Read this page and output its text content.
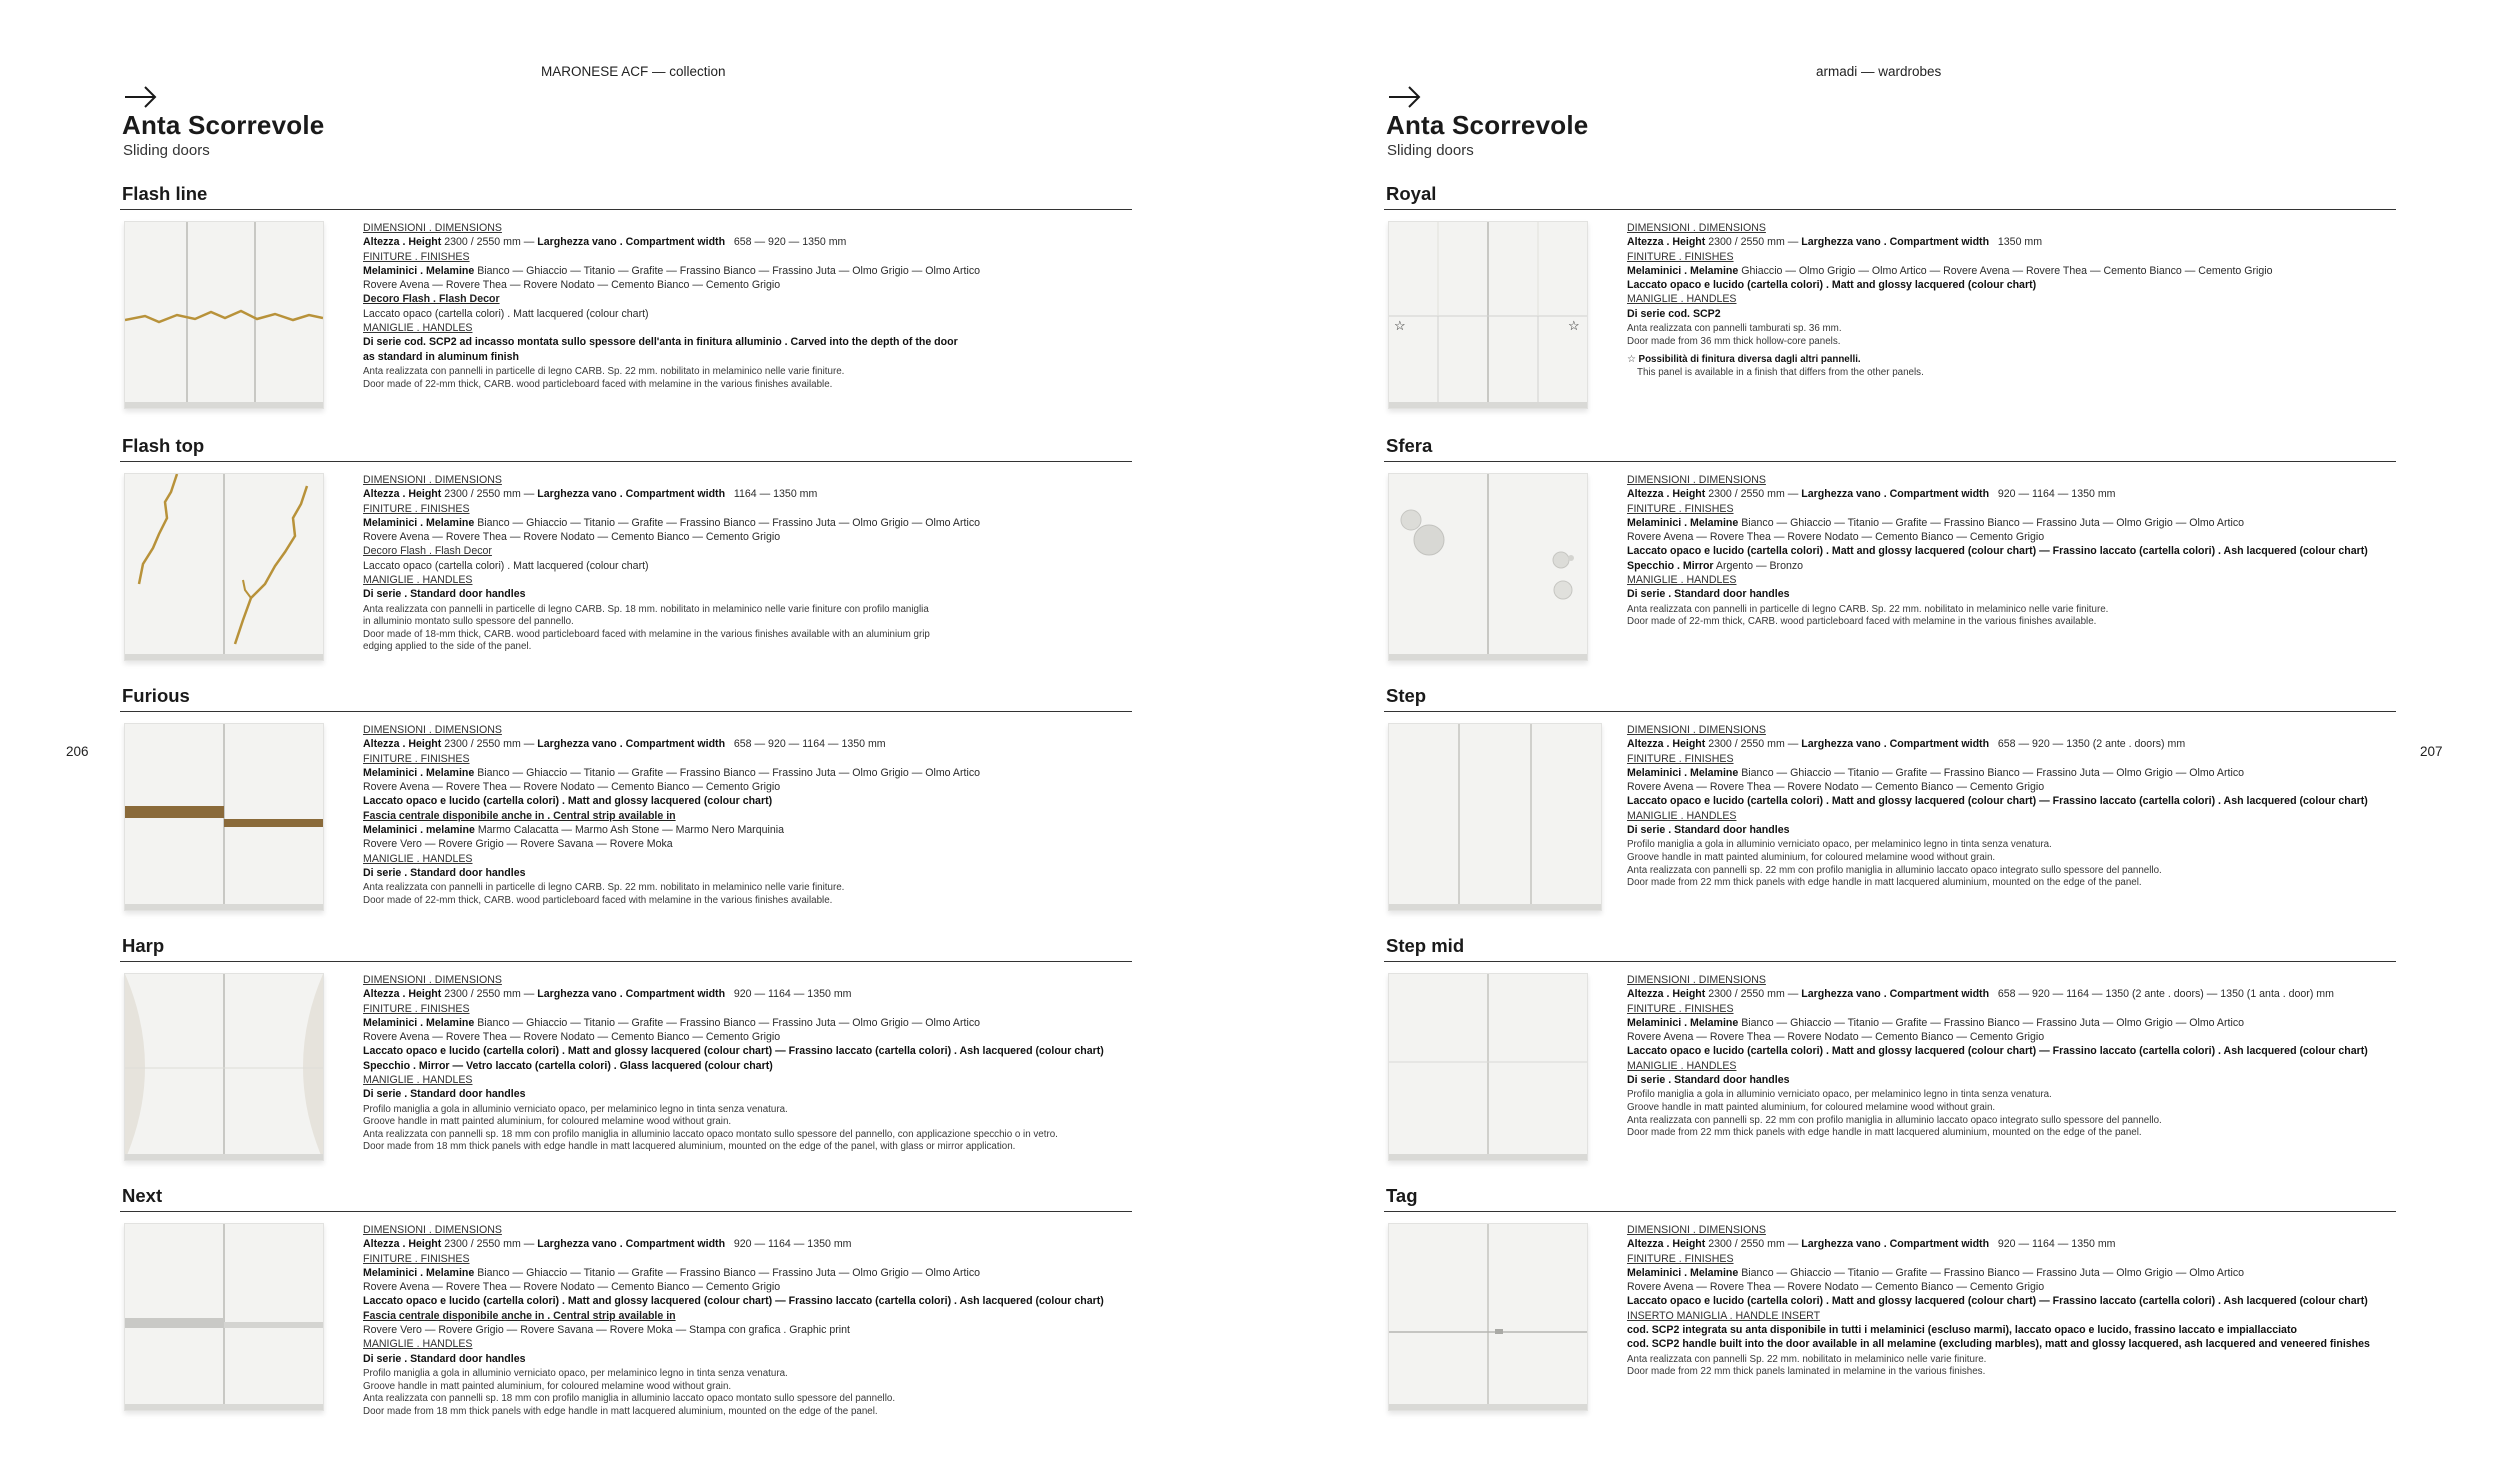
MARONESE ACF — collection
206
Anta Scorrevole
Sliding doors
Flash line
DIMENSIONI . DIMENSIONS
Altezza . Height 2300 / 2550 mm — Larghezza vano . Compartment width 658 — 920 — 1350 mm
FINITURE . FINISHES
Melaminici . Melamine Bianco — Ghiaccio — Titanio — Grafite — Frassino Bianco — Frassino Juta — Olmo Grigio — Olmo Artico
Rovere Avena — Rovere Thea — Rovere Nodato — Cemento Bianco — Cemento Grigio
Decoro Flash . Flash Decor
Laccato opaco (cartella colori) . Matt lacquered (colour chart)
MANIGLIE . HANDLES
Di serie cod. SCP2 ad incasso montata sullo spessore dell'anta in finitura alluminio . Carved into the depth of the door
as standard in aluminum finish
Anta realizzata con pannelli in particelle di legno CARB. Sp. 22 mm. nobilitato in melaminico nelle varie finiture.
Door made of 22-mm thick, CARB. wood particleboard faced with melamine in the various finishes available.
Flash top
DIMENSIONI . DIMENSIONS
Altezza . Height 2300 / 2550 mm — Larghezza vano . Compartment width 1164 — 1350 mm
FINITURE . FINISHES
Melaminici . Melamine Bianco — Ghiaccio — Titanio — Grafite — Frassino Bianco — Frassino Juta — Olmo Grigio — Olmo Artico
Rovere Avena — Rovere Thea — Rovere Nodato — Cemento Bianco — Cemento Grigio
Decoro Flash . Flash Decor
Laccato opaco (cartella colori) . Matt lacquered (colour chart)
MANIGLIE . HANDLES
Di serie . Standard door handles
Anta realizzata con pannelli in particelle di legno CARB. Sp. 18 mm. nobilitato in melaminico nelle varie finiture con profilo maniglia
in alluminio montato sullo spessore del pannello.
Door made of 18-mm thick, CARB. wood particleboard faced with melamine in the various finishes available with an aluminium grip
edging applied to the side of the panel.
Furious
DIMENSIONI . DIMENSIONS
Altezza . Height 2300 / 2550 mm — Larghezza vano . Compartment width 658 — 920 — 1164 — 1350 mm
FINITURE . FINISHES
Melaminici . Melamine Bianco — Ghiaccio — Titanio — Grafite — Frassino Bianco — Frassino Juta — Olmo Grigio — Olmo Artico
Rovere Avena — Rovere Thea — Rovere Nodato — Cemento Bianco — Cemento Grigio
Laccato opaco e lucido (cartella colori) . Matt and glossy lacquered (colour chart)
Fascia centrale disponibile anche in . Central strip available in
Melaminici . melamine Marmo Calacatta — Marmo Ash Stone — Marmo Nero Marquinia
Rovere Vero — Rovere Grigio — Rovere Savana — Rovere Moka
MANIGLIE . HANDLES
Di serie . Standard door handles
Anta realizzata con pannelli in particelle di legno CARB. Sp. 22 mm. nobilitato in melaminico nelle varie finiture.
Door made of 22-mm thick, CARB. wood particleboard faced with melamine in the various finishes available.
Harp
DIMENSIONI . DIMENSIONS
Altezza . Height 2300 / 2550 mm — Larghezza vano . Compartment width 920 — 1164 — 1350 mm
FINITURE . FINISHES
Melaminici . Melamine Bianco — Ghiaccio — Titanio — Grafite — Frassino Bianco — Frassino Juta — Olmo Grigio — Olmo Artico
Rovere Avena — Rovere Thea — Rovere Nodato — Cemento Bianco — Cemento Grigio
Laccato opaco e lucido (cartella colori) . Matt and glossy lacquered (colour chart) — Frassino laccato (cartella colori) . Ash lacquered (colour chart)
Specchio . Mirror — Vetro laccato (cartella colori) . Glass lacquered (colour chart)
MANIGLIE . HANDLES
Di serie . Standard door handles
Profilo maniglia a gola in alluminio verniciato opaco, per melaminico legno in tinta senza venatura.
Groove handle in matt painted aluminium, for coloured melamine wood without grain.
Anta realizzata con pannelli sp. 18 mm con profilo maniglia in alluminio laccato opaco montato sullo spessore del pannello, con applicazione specchio o in vetro.
Door made from 18 mm thick panels with edge handle in matt lacquered aluminium, mounted on the edge of the panel, with glass or mirror application.
Next
DIMENSIONI . DIMENSIONS
Altezza . Height 2300 / 2550 mm — Larghezza vano . Compartment width 920 — 1164 — 1350 mm
FINITURE . FINISHES
Melaminici . Melamine Bianco — Ghiaccio — Titanio — Grafite — Frassino Bianco — Frassino Juta — Olmo Grigio — Olmo Artico
Rovere Avena — Rovere Thea — Rovere Nodato — Cemento Bianco — Cemento Grigio
Laccato opaco e lucido (cartella colori) . Matt and glossy lacquered (colour chart) — Frassino laccato (cartella colori) . Ash lacquered (colour chart)
Fascia centrale disponibile anche in . Central strip available in
Rovere Vero — Rovere Grigio — Rovere Savana — Rovere Moka — Stampa con grafica . Graphic print
MANIGLIE . HANDLES
Di serie . Standard door handles
Profilo maniglia a gola in alluminio verniciato opaco, per melaminico legno in tinta senza venatura.
Groove handle in matt painted aluminium, for coloured melamine wood without grain.
Anta realizzata con pannelli sp. 18 mm con profilo maniglia in alluminio laccato opaco montato sullo spessore del pannello.
Door made from 18 mm thick panels with edge handle in matt lacquered aluminium, mounted on the edge of the panel.
armadi — wardrobes
207
Anta Scorrevole
Sliding doors
Royal
☆	☆
DIMENSIONI . DIMENSIONS
Altezza . Height 2300 / 2550 mm — Larghezza vano . Compartment width 1350 mm
FINITURE . FINISHES
Melaminici . Melamine Ghiaccio — Olmo Grigio — Olmo Artico — Rovere Avena — Rovere Thea — Cemento Bianco — Cemento Grigio
Laccato opaco e lucido (cartella colori) . Matt and glossy lacquered (colour chart)
MANIGLIE . HANDLES
Di serie cod. SCP2
Anta realizzata con pannelli tamburati sp. 36 mm.
Door made from 36 mm thick hollow-core panels.
☆ Possibilità di finitura diversa dagli altri pannelli.
This panel is available in a finish that differs from the other panels.
Sfera
DIMENSIONI . DIMENSIONS
Altezza . Height 2300 / 2550 mm — Larghezza vano . Compartment width 920 — 1164 — 1350 mm
FINITURE . FINISHES
Melaminici . Melamine Bianco — Ghiaccio — Titanio — Grafite — Frassino Bianco — Frassino Juta — Olmo Grigio — Olmo Artico
Rovere Avena — Rovere Thea — Rovere Nodato — Cemento Bianco — Cemento Grigio
Laccato opaco e lucido (cartella colori) . Matt and glossy lacquered (colour chart) — Frassino laccato (cartella colori) . Ash lacquered (colour chart)
Specchio . Mirror Argento — Bronzo
MANIGLIE . HANDLES
Di serie . Standard door handles
Anta realizzata con pannelli in particelle di legno CARB. Sp. 22 mm. nobilitato in melaminico nelle varie finiture.
Door made of 22-mm thick, CARB. wood particleboard faced with melamine in the various finishes available.
Step
DIMENSIONI . DIMENSIONS
Altezza . Height 2300 / 2550 mm — Larghezza vano . Compartment width 658 — 920 — 1350 (2 ante . doors) mm
FINITURE . FINISHES
Melaminici . Melamine Bianco — Ghiaccio — Titanio — Grafite — Frassino Bianco — Frassino Juta — Olmo Grigio — Olmo Artico
Rovere Avena — Rovere Thea — Rovere Nodato — Cemento Bianco — Cemento Grigio
Laccato opaco e lucido (cartella colori) . Matt and glossy lacquered (colour chart) — Frassino laccato (cartella colori) . Ash lacquered (colour chart)
MANIGLIE . HANDLES
Di serie . Standard door handles
Profilo maniglia a gola in alluminio verniciato opaco, per melaminico legno in tinta senza venatura.
Groove handle in matt painted aluminium, for coloured melamine wood without grain.
Anta realizzata con pannelli sp. 22 mm con profilo maniglia in alluminio laccato opaco integrato sullo spessore del pannello.
Door made from 22 mm thick panels with edge handle in matt lacquered aluminium, mounted on the edge of the panel.
Step mid
DIMENSIONI . DIMENSIONS
Altezza . Height 2300 / 2550 mm — Larghezza vano . Compartment width 658 — 920 — 1164 — 1350 (2 ante . doors) — 1350 (1 anta . door) mm
FINITURE . FINISHES
Melaminici . Melamine Bianco — Ghiaccio — Titanio — Grafite — Frassino Bianco — Frassino Juta — Olmo Grigio — Olmo Artico
Rovere Avena — Rovere Thea — Rovere Nodato — Cemento Bianco — Cemento Grigio
Laccato opaco e lucido (cartella colori) . Matt and glossy lacquered (colour chart) — Frassino laccato (cartella colori) . Ash lacquered (colour chart)
MANIGLIE . HANDLES
Di serie . Standard door handles
Profilo maniglia a gola in alluminio verniciato opaco, per melaminico legno in tinta senza venatura.
Groove handle in matt painted aluminium, for coloured melamine wood without grain.
Anta realizzata con pannelli sp. 22 mm con profilo maniglia in alluminio laccato opaco integrato sullo spessore del pannello.
Door made from 22 mm thick panels with edge handle in matt lacquered aluminium, mounted on the edge of the panel.
Tag
DIMENSIONI . DIMENSIONS
Altezza . Height 2300 / 2550 mm — Larghezza vano . Compartment width 920 — 1164 — 1350 mm
FINITURE . FINISHES
Melaminici . Melamine Bianco — Ghiaccio — Titanio — Grafite — Frassino Bianco — Frassino Juta — Olmo Grigio — Olmo Artico
Rovere Avena — Rovere Thea — Rovere Nodato — Cemento Bianco — Cemento Grigio
Laccato opaco e lucido (cartella colori) . Matt and glossy lacquered (colour chart) — Frassino laccato (cartella colori) . Ash lacquered (colour chart)
INSERTO MANIGLIA . HANDLE INSERT
cod. SCP2 integrata su anta disponibile in tutti i melaminici (escluso marmi), laccato opaco e lucido, frassino laccato e impiallacciato
cod. SCP2 handle built into the door available in all melamine (excluding marbles), matt and glossy lacquered, ash lacquered and veneered finishes
Anta realizzata con pannelli Sp. 22 mm. nobilitato in melaminico nelle varie finiture.
Door made from 22 mm thick panels laminated in melamine in the various finishes.
